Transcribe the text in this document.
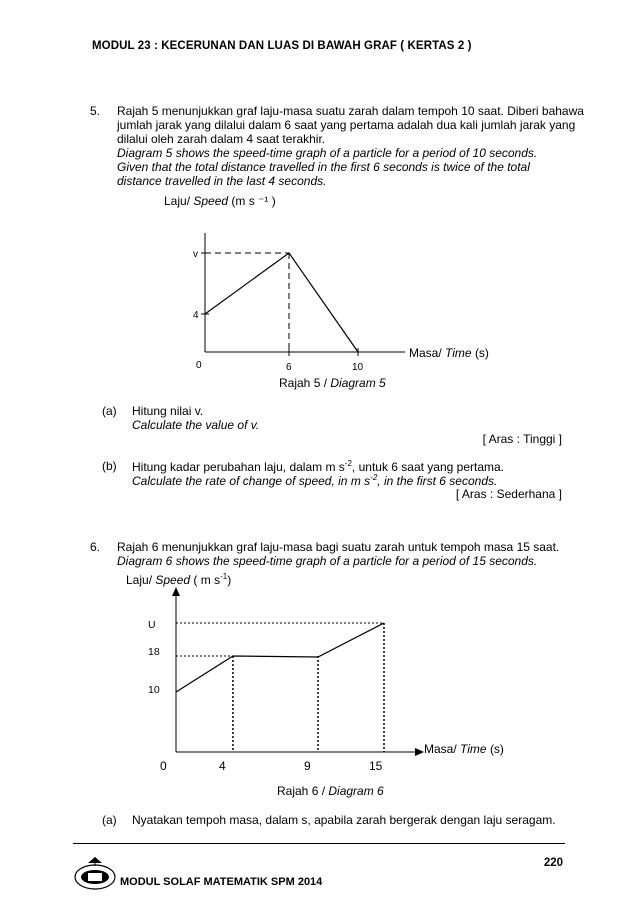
MODUL 23 : KECERUNAN DAN LUAS DI BAWAH GRAF ( KERTAS 2 )
5. Rajah 5 menunjukkan graf laju-masa suatu zarah dalam tempoh 10 saat. Diberi bahawa
jumlah jarak yang dilalui dalam 6 saat yang pertama adalah dua kali jumlah jarak yang
dilalui oleh zarah dalam 4 saat terakhir.
Diagram 5 shows the speed-time graph of a particle for a period of 10 seconds.
Given that the total distance travelled in the first 6 seconds is twice of the total
distance travelled in the last 4 seconds.
Laju/ Speed (m s ⁻¹ )
v
4
0	6	10
U
18
10
0	4	9	15
Masa/ Time (s)
Rajah 5 / Diagram 5
(a) Hitung nilai v.
Calculate the value of v.
[ Aras : Tinggi ]
(b) Hitung kadar perubahan laju, dalam m $s^{-2}$, untuk 6 saat yang pertama.
Calculate the rate of change of speed, in m $s^{-2}$, in the first 6 seconds.
[ Aras : Sederhana ]
6. Rajah 6 menunjukkan graf laju-masa bagi suatu zarah untuk tempoh masa 15 saat.
Diagram 6 shows the speed-time graph of a particle for a period of 15 seconds.
Laju/ Speed ( m $s^{-1}$)
Masa/ Time (s)
Rajah 6 / Diagram 6
(a) Nyatakan tempoh masa, dalam s, apabila zarah bergerak dengan laju seragam.
220
MODUL SOLAF MATEMATIK SPM 2014
